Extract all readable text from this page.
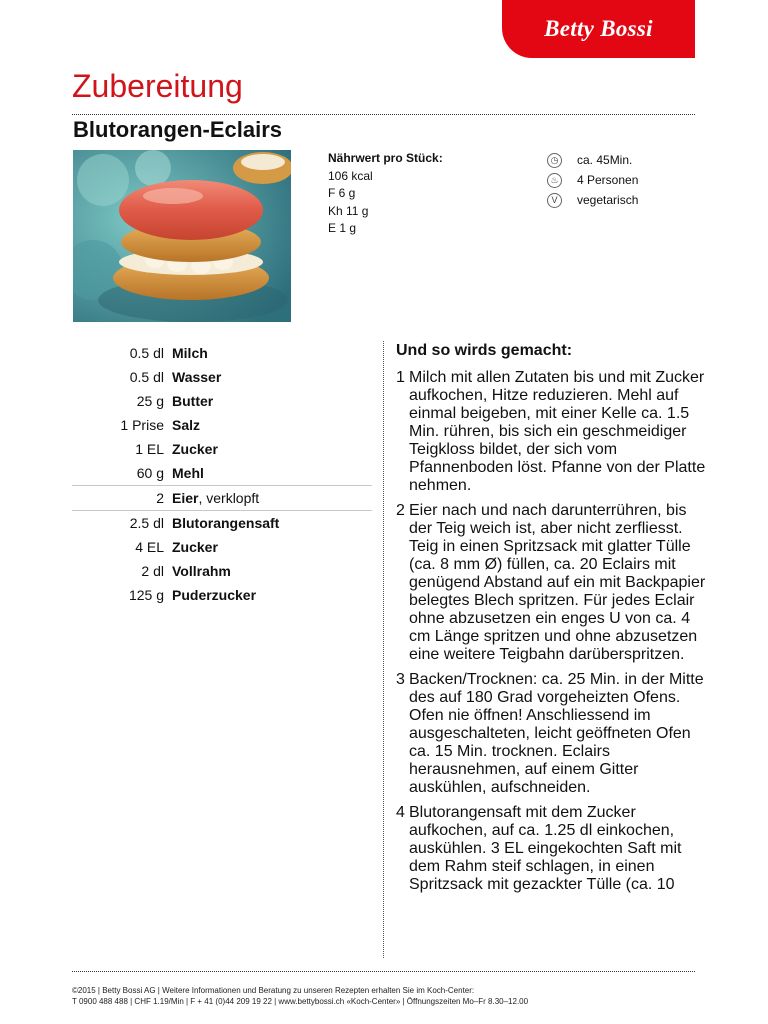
Betty Bossi
Zubereitung
Blutorangen-Eclairs
Nährwert pro Stück:
106 kcal
F 6 g
Kh 11 g
E 1 g
◷ ca. 45Min.
♨ 4 Personen
V	vegetarisch
0.5 dl Milch
0.5 dl Wasser
25 g Butter
1 Prise Salz
1 EL Zucker
60 g Mehl
2 Eier , verklopft
2.5 dl Blutorangensaft
4 EL Zucker
2 dl Vollrahm
125 g Puderzucker
Und so wirds gemacht:
1 Milch mit allen Zutaten bis und mit Zucker aufkochen, Hitze reduzieren. Mehl auf einmal beigeben, mit einer Kelle ca. 1.5 Min. rühren, bis sich ein geschmeidiger Teigkloss bildet, der sich vom Pfannenboden löst. Pfanne von der Platte nehmen.
2 Eier nach und nach darunterrühren, bis der Teig weich ist, aber nicht zerfliesst. Teig in einen Spritzsack mit glatter Tülle (ca. 8 mm Ø) füllen, ca. 20 Eclairs mit genügend Abstand auf ein mit Backpapier belegtes Blech spritzen. Für jedes Eclair ohne abzusetzen ein enges U von ca. 4 cm Länge spritzen und ohne abzusetzen eine weitere Teigbahn darüberspritzen.
3 Backen/Trocknen: ca. 25 Min. in der Mitte des auf 180 Grad vorgeheizten Ofens. Ofen nie öffnen! Anschliessend im ausgeschalteten, leicht geöffneten Ofen ca. 15 Min. trocknen. Eclairs herausnehmen, auf einem Gitter auskühlen, aufschneiden.
4 Blutorangensaft mit dem Zucker aufkochen, auf ca. 1.25 dl einkochen, auskühlen. 3 EL eingekochten Saft mit dem Rahm steif schlagen, in einen Spritzsack mit gezackter Tülle (ca. 10
©2015 | Betty Bossi AG | Weitere Informationen und Beratung zu unseren Rezepten erhalten Sie im Koch-Center:
T 0900 488 488 | CHF 1.19/Min | F + 41 (0)44 209 19 22 | www.bettybossi.ch «Koch-Center» | Öffnungszeiten Mo–Fr 8.30–12.00
